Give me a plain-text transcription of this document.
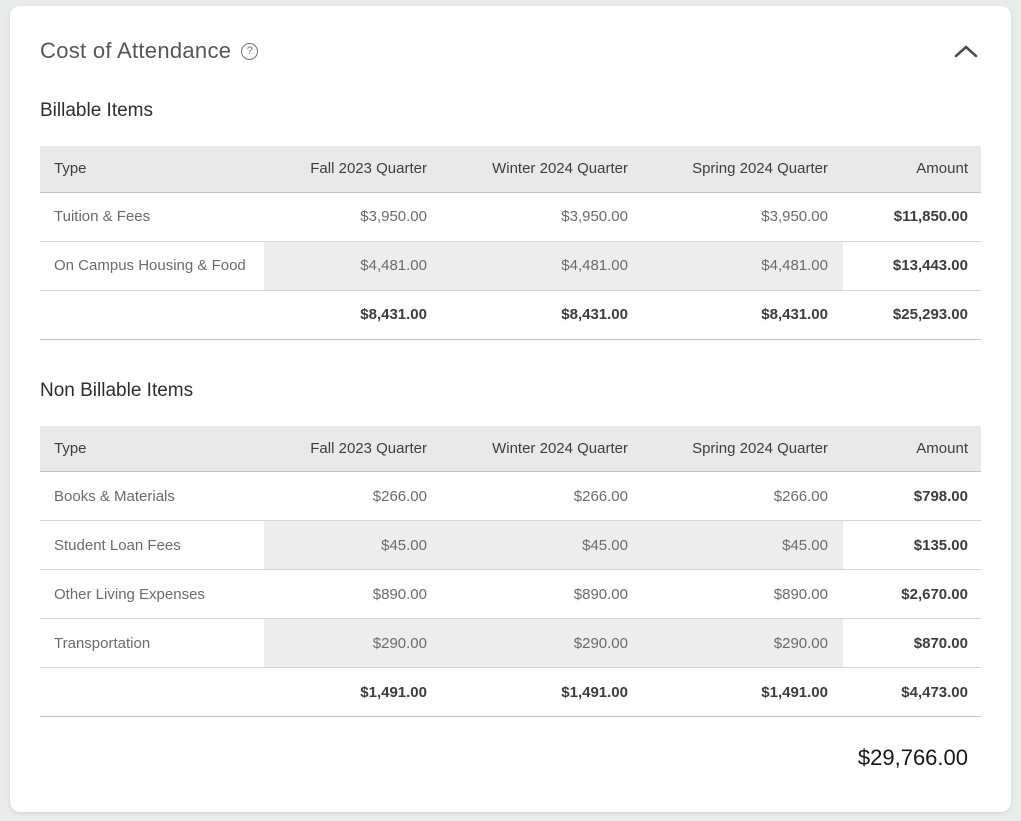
Cost of Attendance	?
Billable Items
Type	Fall 2023 Quarter	Winter 2024 Quarter	Spring 2024 Quarter	Amount
Tuition & Fees	$3,950.00	$3,950.00	$3,950.00	$11,850.00
On Campus Housing & Food	$4,481.00	$4,481.00	$4,481.00	$13,443.00
	$8,431.00	$8,431.00	$8,431.00	$25,293.00
Non Billable Items
Type	Fall 2023 Quarter	Winter 2024 Quarter	Spring 2024 Quarter	Amount
Books & Materials	$266.00	$266.00	$266.00	$798.00
Student Loan Fees	$45.00	$45.00	$45.00	$135.00
Other Living Expenses	$890.00	$890.00	$890.00	$2,670.00
Transportation	$290.00	$290.00	$290.00	$870.00
	$1,491.00	$1,491.00	$1,491.00	$4,473.00
$29,766.00
